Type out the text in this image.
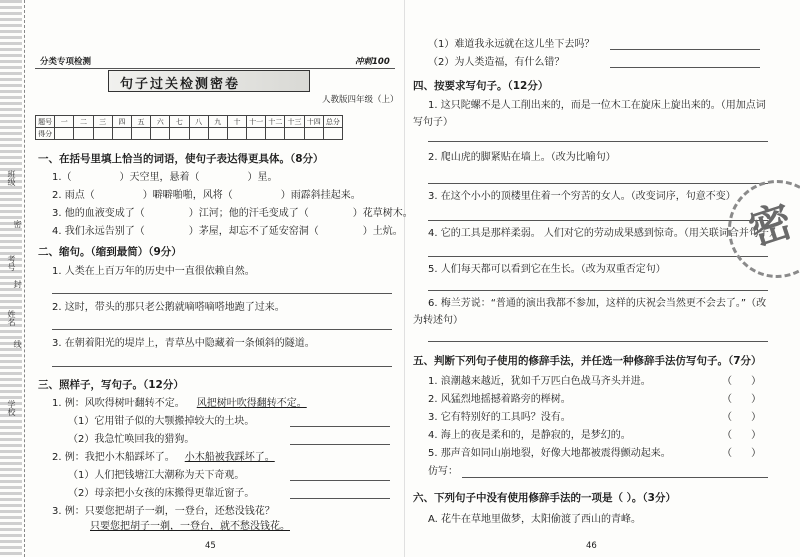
班级
考号
姓名
学校
密
封
线
分类专项检测	冲刺100
句子过关检测密卷
人教版四年级（上）
题号	一	二	三	四	五	六	七	八	九	十	十一	十二	十三	十四	总分
得分															
一、在括号里填上恰当的词语，使句子表达得更具体。（8分）
1.（	）天空里，悬着（	）星。
2. 雨点（	）噼噼啪啪，风将（	）雨霹斜挂起来。
3. 他的血液变成了（	）江河；他的汗毛变成了（	）花草树木。
4. 我们永远告别了（	）茅屋，却忘不了延安窑洞（	）土炕。
二、缩句。（缩到最简）（9分）
1. 人类在上百万年的历史中一直很依赖自然。
2. 这时，带头的那只老公鹅就嘀嗒嘀嗒地跑了过来。
3. 在朝着阳光的堤岸上，青草丛中隐藏着一条倾斜的隧道。
三、照样子，写句子。（12分）
1. 例：风吹得树叶翻转不定。 风把树叶吹得翻转不定。
（1）它用钳子似的大颚搬掉较大的土块。
（2）我急忙唤回我的猎狗。
2. 例：我把小木船踩坏了。 小木船被我踩坏了。
（1）人们把钱塘江大潮称为天下奇观。
（2）母亲把小女孩的床搬得更靠近窗子。
3. 例：只要您把胡子一剃，一登台，还愁没钱花？
只要您把胡子一剃，一登台，就不愁没钱花。
45
（1）难道我永远就在这儿坐下去吗？
（2）为人类造福，有什么错？
四、按要求写句子。（12分）
1. 这只陀螺不是人工削出来的，而是一位木工在旋床上旋出来的。（用加点词
写句子）
2. 爬山虎的脚紧贴在墙上。（改为比喻句）
3. 在这个小小的顶楼里住着一个穷苦的女人。（改变词序，句意不变）
4. 它的工具是那样柔弱。 人们对它的劳动成果感到惊奇。（用关联词合并句子）
5. 人们每天都可以看到它在生长。（改为双重否定句）
6. 梅兰芳说：“普通的演出我都不参加，这样的庆祝会当然更不会去了。”（改
为转述句）
五、判断下列句子使用的修辞手法，并任选一种修辞手法仿写句子。（7分）
1. 浪潮越来越近，犹如千万匹白色战马齐头并进。	（      ）
2. 风猛烈地摇撼着路旁的榉树。	（      ）
3. 它有特别好的工具吗？没有。	（      ）
4. 海上的夜是柔和的，是静寂的，是梦幻的。	（      ）
5. 那声音如同山崩地裂，好像大地都被震得颤动起来。	（      ）
仿写：
六、下列句子中没有使用修辞手法的一项是（ ）。（3分）
A. 花牛在草地里做梦，太阳偷渡了西山的青峰。
46
密
